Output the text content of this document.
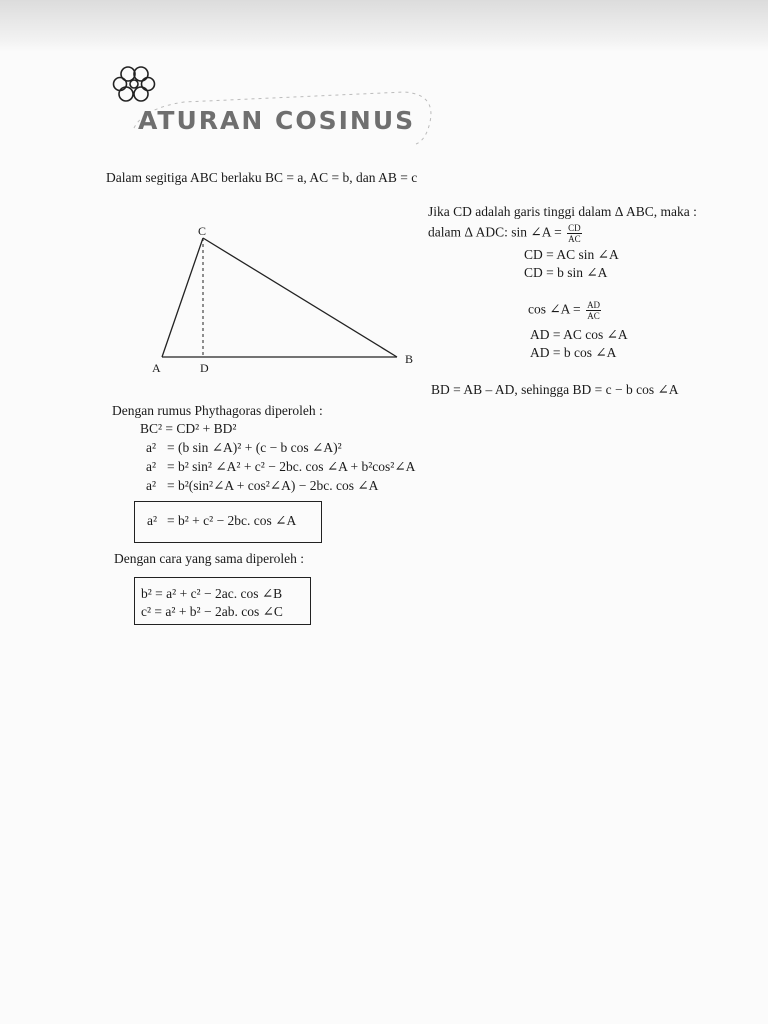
ATURAN COSINUS
Dalam segitiga ABC berlaku BC = a, AC = b, dan AB = c
C
A	D
B
Jika CD adalah garis tinggi dalam Δ ABC, maka :
dalam Δ ADC: sin ∠A = $\frac{CD}{AC}$
CD = AC sin ∠A
CD = b sin ∠A
cos ∠A = $\frac{AD}{AC}$
AD = AC cos ∠A
AD = b cos ∠A
BD = AB – AD, sehingga BD = c − b cos ∠A
Dengan rumus Phythagoras diperoleh :
BC² = CD² + BD²
a² = (b sin ∠A)² + (c − b cos ∠A)²
a² = b² sin² ∠A² + c² − 2bc. cos ∠A + b²cos²∠A
a² = b²(sin²∠A + cos²∠A) − 2bc. cos ∠A
a² = b² + c² − 2bc. cos ∠A
Dengan cara yang sama diperoleh :
b² = a² + c² − 2ac. cos ∠B
c² = a² + b² − 2ab. cos ∠C
